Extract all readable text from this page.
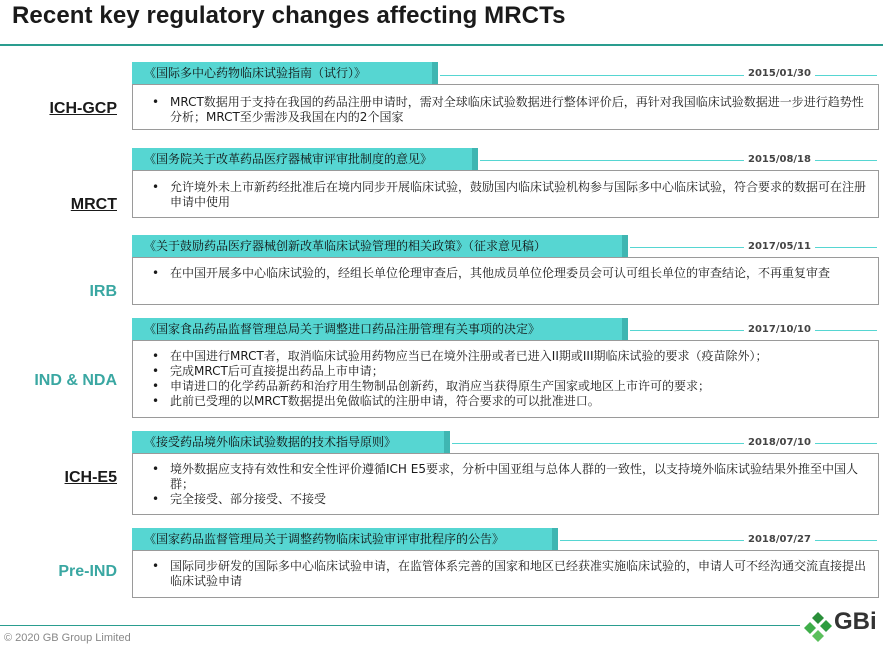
Recent key regulatory changes affecting MRCTs
ICH-GCP
《国际多中心药物临床试验指南（试行）》	2015/01/30
• MRCT数据用于支持在我国的药品注册申请时，需对全球临床试验数据进行整体评价后，再针对我国临床试验数据进一步进行趋势性分析；MRCT至少需涉及我国在内的2个国家
MRCT
《国务院关于改革药品医疗器械审评审批制度的意见》	2015/08/18
• 允许境外未上市新药经批准后在境内同步开展临床试验，鼓励国内临床试验机构参与国际多中心临床试验，符合要求的数据可在注册申请中使用
IRB
《关于鼓励药品医疗器械创新改革临床试验管理的相关政策》（征求意见稿）	2017/05/11
• 在中国开展多中心临床试验的，经组长单位伦理审查后，其他成员单位伦理委员会可认可组长单位的审查结论，不再重复审查
IND & NDA
《国家食品药品监督管理总局关于调整进口药品注册管理有关事项的决定》	2017/10/10
• 在中国进行MRCT者，取消临床试验用药物应当已在境外注册或者已进入II期或III期临床试验的要求（疫苗除外）；
• 完成MRCT后可直接提出药品上市申请；
• 申请进口的化学药品新药和治疗用生物制品创新药，取消应当获得原生产国家或地区上市许可的要求；
• 此前已受理的以MRCT数据提出免做临试的注册申请，符合要求的可以批准进口。
ICH-E5
《接受药品境外临床试验数据的技术指导原则》	2018/07/10
• 境外数据应支持有效性和安全性评价遵循ICH E5要求，分析中国亚组与总体人群的一致性，以支持境外临床试验结果外推至中国人群；
• 完全接受、部分接受、不接受
Pre-IND
《国家药品监督管理局关于调整药物临床试验审评审批程序的公告》	2018/07/27
• 国际同步研发的国际多中心临床试验申请，在监管体系完善的国家和地区已经获准实施临床试验的，申请人可不经沟通交流直接提出临床试验申请
© 2020 GB Group Limited
GBi
